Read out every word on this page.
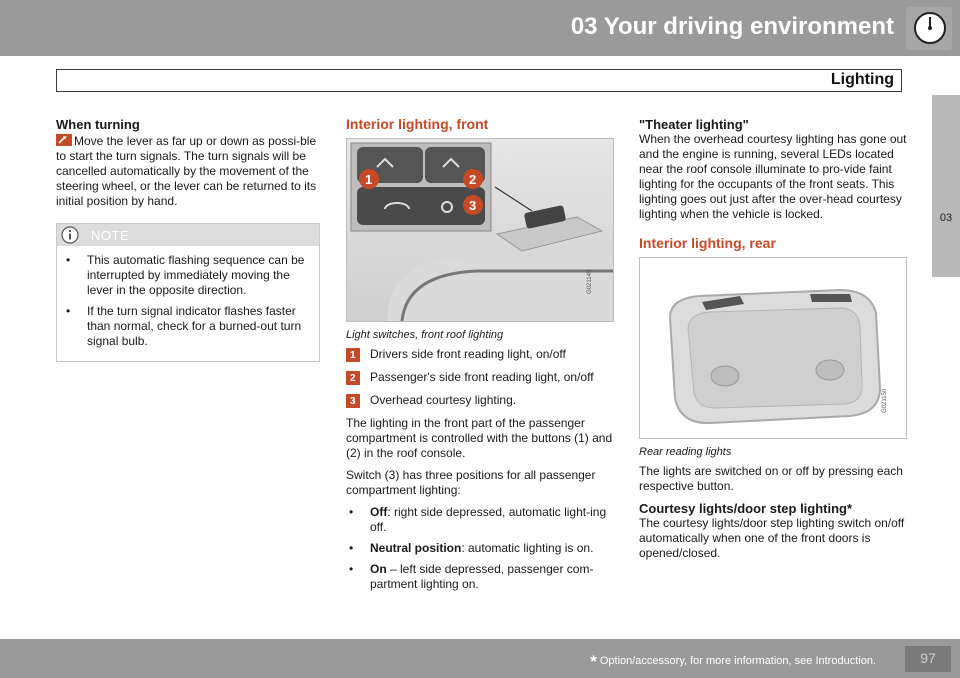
03 Your driving environment
Lighting
03
When turning

Move the lever as far up or down as possi-ble to start the turn signals. The turn signals will be cancelled automatically by the movement of the steering wheel, or the lever can be returned to its initial position by hand.

NOTE
• This automatic flashing sequence can be interrupted by immediately moving the lever in the opposite direction.
• If the turn signal indicator flashes faster than normal, check for a burned-out turn signal bulb.
Interior lighting, front
1	2
3
G021149
Light switches, front roof lighting
1 Drivers side front reading light, on/off
2 Passenger's side front reading light, on/off
3 Overhead courtesy lighting.

The lighting in the front part of the passenger compartment is controlled with the buttons (1) and (2) in the roof console.

Switch (3) has three positions for all passenger compartment lighting:

• Off: right side depressed, automatic light-ing off.
• Neutral position: automatic lighting is on.
• On – left side depressed, passenger com-partment lighting on.
"Theater lighting"

When the overhead courtesy lighting has gone out and the engine is running, several LEDs located near the roof console illuminate to pro-vide faint lighting for the occupants of the front seats. This lighting goes out just after the over-head courtesy lighting when the vehicle is locked.

Interior lighting, rear
G021150
Rear reading lights

The lights are switched on or off by pressing each respective button.

Courtesy lights/door step lighting*

The courtesy lights/door step lighting switch on/off automatically when one of the front doors is opened/closed.

* Option/accessory, for more information, see Introduction.	97
